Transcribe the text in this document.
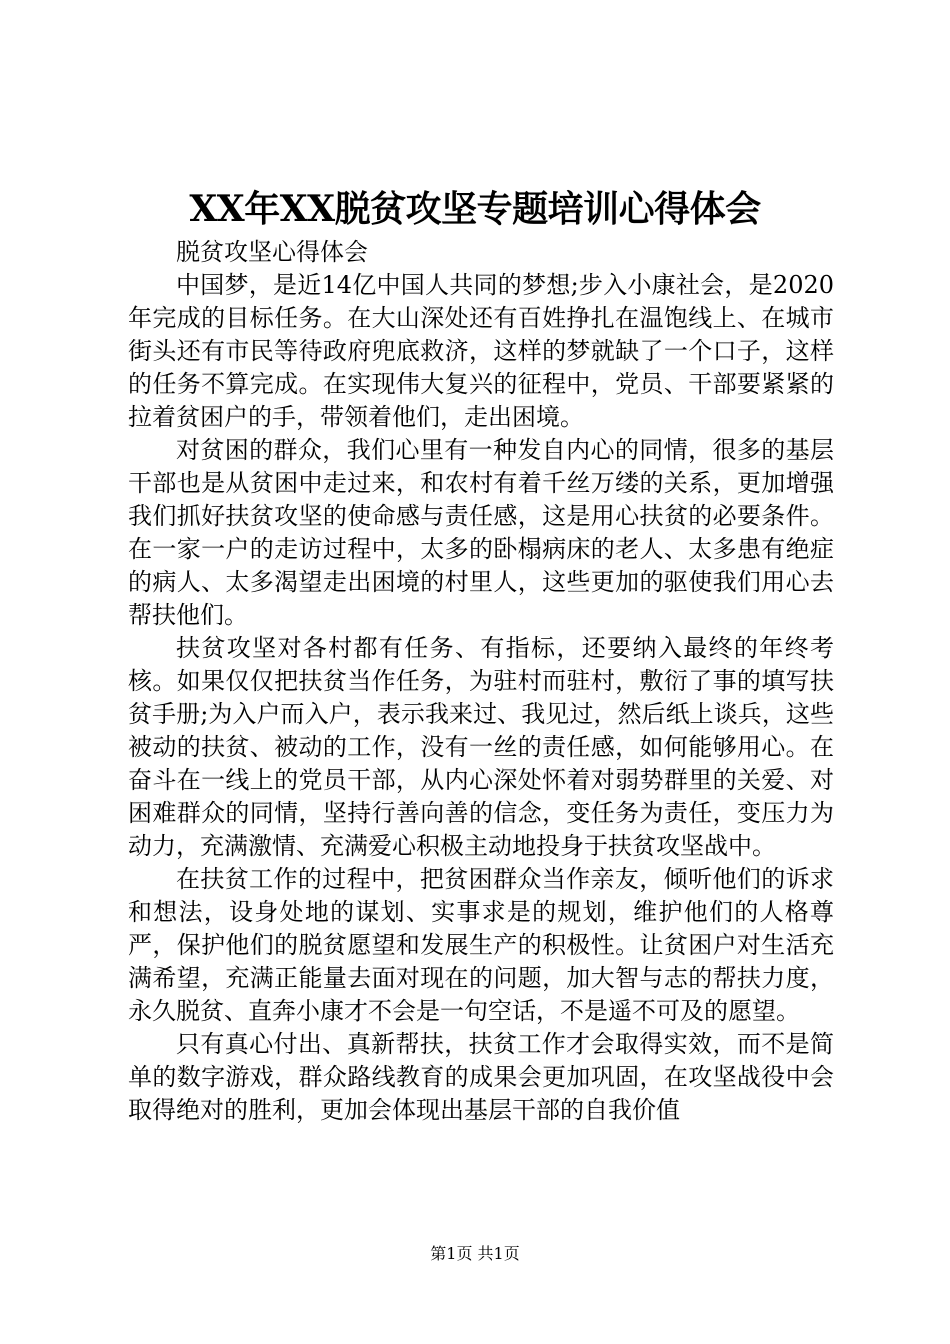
XX年XX脱贫攻坚专题培训心得体会

脱贫攻坚心得体会

中国梦，是近14亿中国人共同的梦想;步入小康社会，是2020年完成的目标任务。在大山深处还有百姓挣扎在温饱线上、在城市街头还有市民等待政府兜底救济，这样的梦就缺了一个口子，这样的任务不算完成。在实现伟大复兴的征程中，党员、干部要紧紧的拉着贫困户的手，带领着他们，走出困境。

对贫困的群众，我们心里有一种发自内心的同情，很多的基层干部也是从贫困中走过来，和农村有着千丝万缕的关系，更加增强我们抓好扶贫攻坚的使命感与责任感，这是用心扶贫的必要条件。在一家一户的走访过程中，太多的卧榻病床的老人、太多患有绝症的病人、太多渴望走出困境的村里人，这些更加的驱使我们用心去帮扶他们。

扶贫攻坚对各村都有任务、有指标，还要纳入最终的年终考核。如果仅仅把扶贫当作任务，为驻村而驻村，敷衍了事的填写扶贫手册;为入户而入户，表示我来过、我见过，然后纸上谈兵，这些被动的扶贫、被动的工作，没有一丝的责任感，如何能够用心。在奋斗在一线上的党员干部，从内心深处怀着对弱势群里的关爱、对困难群众的同情，坚持行善向善的信念，变任务为责任，变压力为动力，充满激情、充满爱心积极主动地投身于扶贫攻坚战中。

在扶贫工作的过程中，把贫困群众当作亲友，倾听他们的诉求和想法，设身处地的谋划、实事求是的规划，维护他们的人格尊严，保护他们的脱贫愿望和发展生产的积极性。让贫困户对生活充满希望，充满正能量去面对现在的问题，加大智与志的帮扶力度，永久脱贫、直奔小康才不会是一句空话，不是遥不可及的愿望。

只有真心付出、真新帮扶，扶贫工作才会取得实效，而不是简单的数字游戏，群众路线教育的成果会更加巩固，在攻坚战役中会取得绝对的胜利，更加会体现出基层干部的自我价值

第1页 共1页
